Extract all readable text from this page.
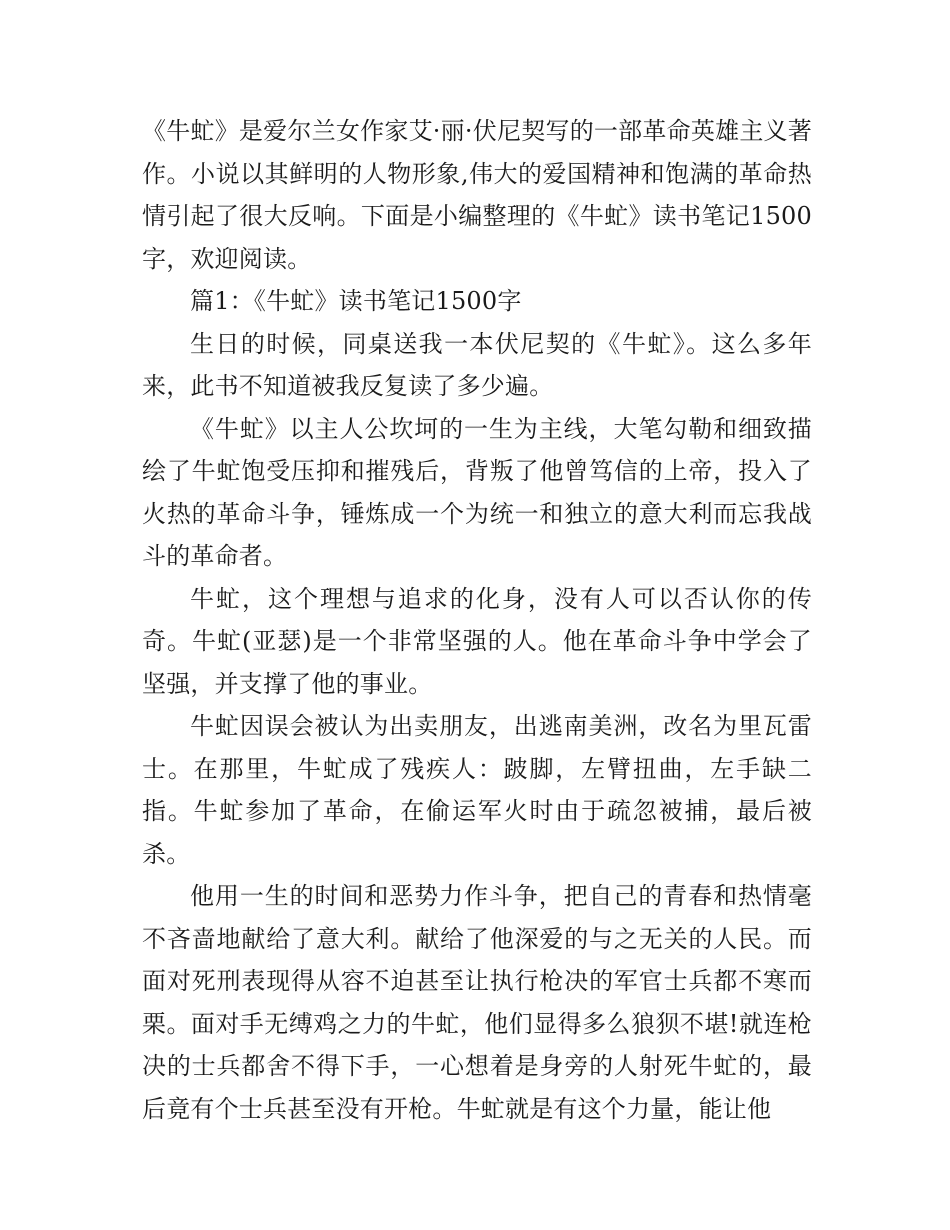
《牛虻》是爱尔兰女作家艾·丽·伏尼契写的一部革命英雄主义著作。小说以其鲜明的人物形象,伟大的爱国精神和饱满的革命热情引起了很大反响。下面是小编整理的《牛虻》读书笔记1500字，欢迎阅读。

篇1：《牛虻》读书笔记1500字

生日的时候，同桌送我一本伏尼契的《牛虻》。这么多年来，此书不知道被我反复读了多少遍。

《牛虻》以主人公坎坷的一生为主线，大笔勾勒和细致描绘了牛虻饱受压抑和摧残后，背叛了他曾笃信的上帝，投入了火热的革命斗争，锤炼成一个为统一和独立的意大利而忘我战斗的革命者。

牛虻，这个理想与追求的化身，没有人可以否认你的传奇。牛虻(亚瑟)是一个非常坚强的人。他在革命斗争中学会了坚强，并支撑了他的事业。

牛虻因误会被认为出卖朋友，出逃南美洲，改名为里瓦雷士。在那里，牛虻成了残疾人：跛脚，左臂扭曲，左手缺二指。牛虻参加了革命，在偷运军火时由于疏忽被捕，最后被杀。

他用一生的时间和恶势力作斗争，把自己的青春和热情毫不吝啬地献给了意大利。献给了他深爱的与之无关的人民。而面对死刑表现得从容不迫甚至让执行枪决的军官士兵都不寒而栗。面对手无缚鸡之力的牛虻，他们显得多么狼狈不堪!就连枪决的士兵都舍不得下手，一心想着是身旁的人射死牛虻的，最后竟有个士兵甚至没有开枪。牛虻就是有这个力量，能让他
